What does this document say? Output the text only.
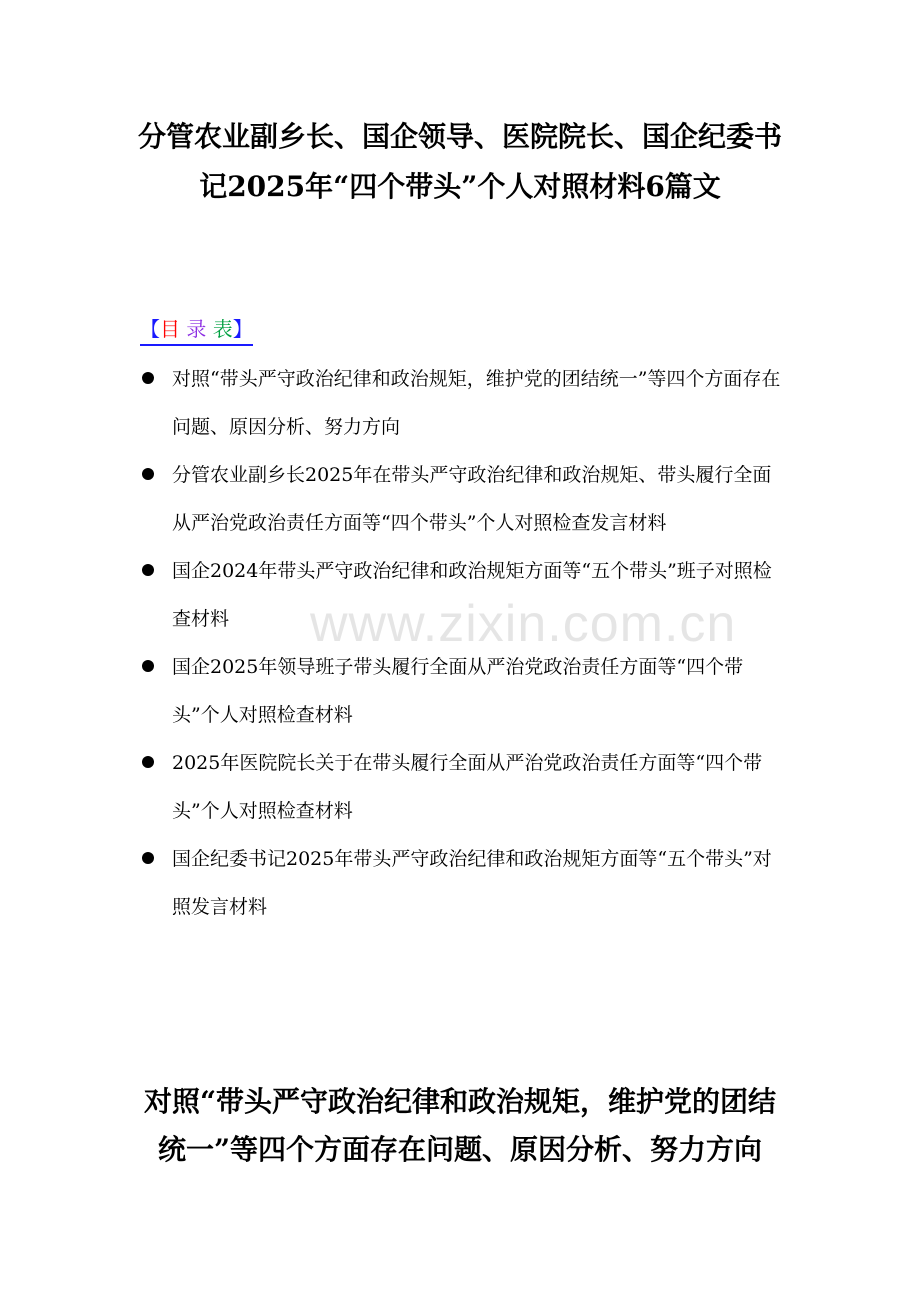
分管农业副乡长、国企领导、医院院长、国企纪委书记2025年“四个带头”个人对照材料6篇文
【目 录 表】
对照“带头严守政治纪律和政治规矩，维护党的团结统一”等四个方面存在问题、原因分析、努力方向
分管农业副乡长2025年在带头严守政治纪律和政治规矩、带头履行全面从严治党政治责任方面等“四个带头”个人对照检查发言材料
国企2024年带头严守政治纪律和政治规矩方面等“五个带头”班子对照检查材料
国企2025年领导班子带头履行全面从严治党政治责任方面等“四个带头”个人对照检查材料
2025年医院院长关于在带头履行全面从严治党政治责任方面等“四个带头”个人对照检查材料
国企纪委书记2025年带头严守政治纪律和政治规矩方面等“五个带头”对照发言材料
www.zixin.com.cn
对照“带头严守政治纪律和政治规矩，维护党的团结统一”等四个方面存在问题、原因分析、努力方向
